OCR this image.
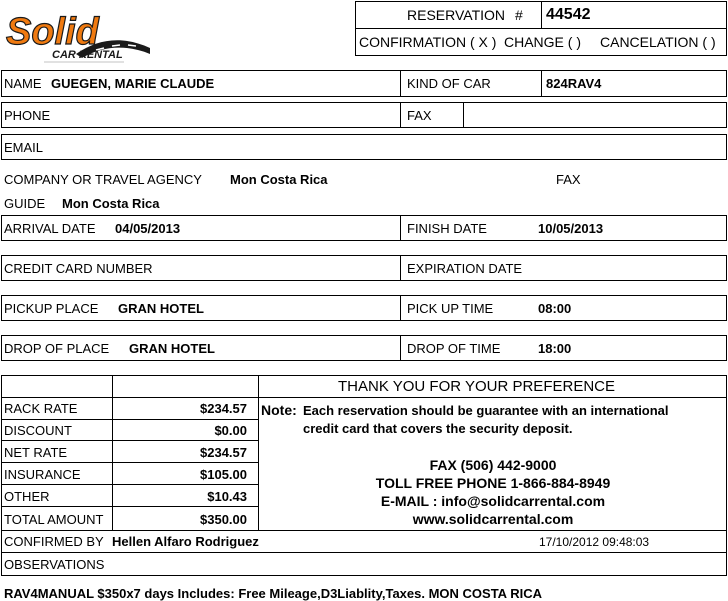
Solid
CAR RENTAL
RESERVATION # 44542
CONFIRMATION ( X ) CHANGE ( ) CANCELATION ( )
NAME GUEGEN, MARIE CLAUDE	KIND OF CAR	824RAV4
PHONE	FAX
EMAIL
COMPANY OR TRAVEL AGENCY Mon Costa Rica	FAX
GUIDE Mon Costa Rica
ARRIVAL DATE 04/05/2013	FINISH DATE	10/05/2013
CREDIT CARD NUMBER	EXPIRATION DATE
PICKUP PLACE GRAN HOTEL	PICK UP TIME	08:00
DROP OF PLACE GRAN HOTEL	DROP OF TIME	18:00
RACK RATE	$234.57
DISCOUNT	$0.00
NET RATE	$234.57
INSURANCE	$105.00
OTHER	$10.43
TOTAL AMOUNT	$350.00
THANK YOU FOR YOUR PREFERENCE
Note: Each reservation should be guarantee with an international
credit card that covers the security deposit.
FAX (506) 442-9000
TOLL FREE PHONE 1-866-884-8949
E-MAIL : info@solidcarrental.com
www.solidcarrental.com
CONFIRMED BY Hellen Alfaro Rodriguez	17/10/2012 09:48:03
OBSERVATIONS
RAV4MANUAL $350x7 days Includes: Free Mileage,D3Liablity,Taxes. MON COSTA RICA
